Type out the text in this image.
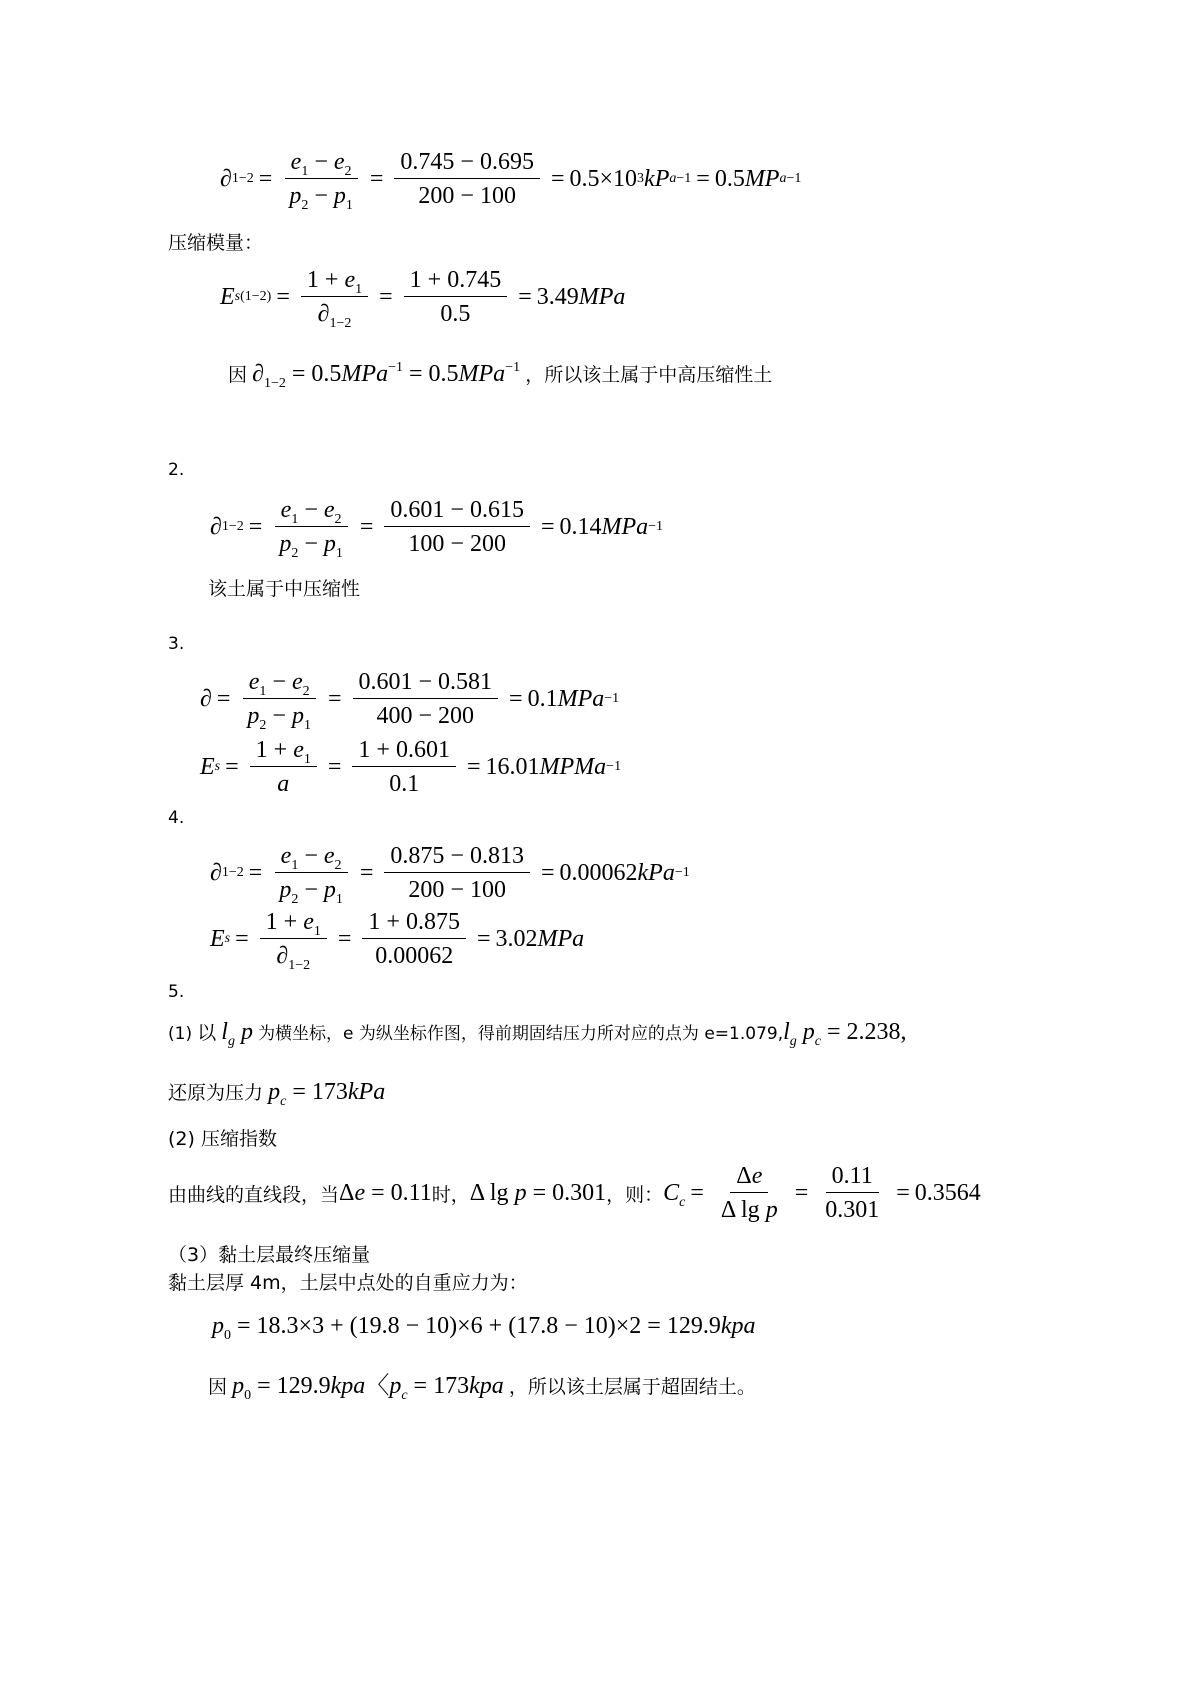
∂ $1-2 = \frac{e_1 - e_2}{p_2 - p_1} = \frac{0.745 - 0.695}{200 - 100} = 0.5\times 10$ 3 kP a −1 = 0.5 MP a −1
压缩模量：
E $s(1-2) = \frac{1 + e_1}{\partial_{1-2}} = \frac{1 + 0.745}{0.5} = 3.49$ MPa
因 $\partial_{1-2} = 0.5MPa^{-1} = 0.5MPa^{-1}$ ，所以该土属于中高压缩性土
2.
∂ $1-2 = \frac{e_1 - e_2}{p_2 - p_1} = \frac{0.601 - 0.615}{100 - 200} = 0.14$ MPa −1
该土属于中压缩性
3.
∂ = $\frac{e_1 - e_2}{p_2 - p_1} = \frac{0.601 - 0.581}{400 - 200} = 0.1$ MPa −1
E $s = \frac{1 + e_1}{a} = \frac{1 + 0.601}{0.1} = 16.01$ MPMa −1
4.
∂ $1-2 = \frac{e_1 - e_2}{p_2 - p_1} = \frac{0.875 - 0.813}{200 - 100} = 0.00062$ kPa −1
E $s = \frac{1 + e_1}{\partial_{1-2}} = \frac{1 + 0.875}{0.00062} = 3.02$ MPa
5.
(1) 以 $l_g$ p 为横坐标，e 为纵坐标作图，得前期固结压力所对应的点为 $e=1.079,l_g$ $p_c = 2.238$,
还原为压力 $p_c = 173kPa$
(2) 压缩指数
由曲线的直线段，当 Δe = 0.11 时， Δ lg p = 0.301 ，则： $C_c = \frac{\Delta e}{\text{Δ lg p}} = \frac{0.11}{0.301} = 0.3564$
（3）黏土层最终压缩量
黏土层厚 4m，土层中点处的自重应力为：
$p_0 = 18.3\times 3 + (19.8 - 10)\times 6 + (17.8 - 10)\times 2 = 129.9kpa$
因 $p_0 = 129.9kpa$〈$p_c = 173kpa$ ，所以该土层属于超固结土。
